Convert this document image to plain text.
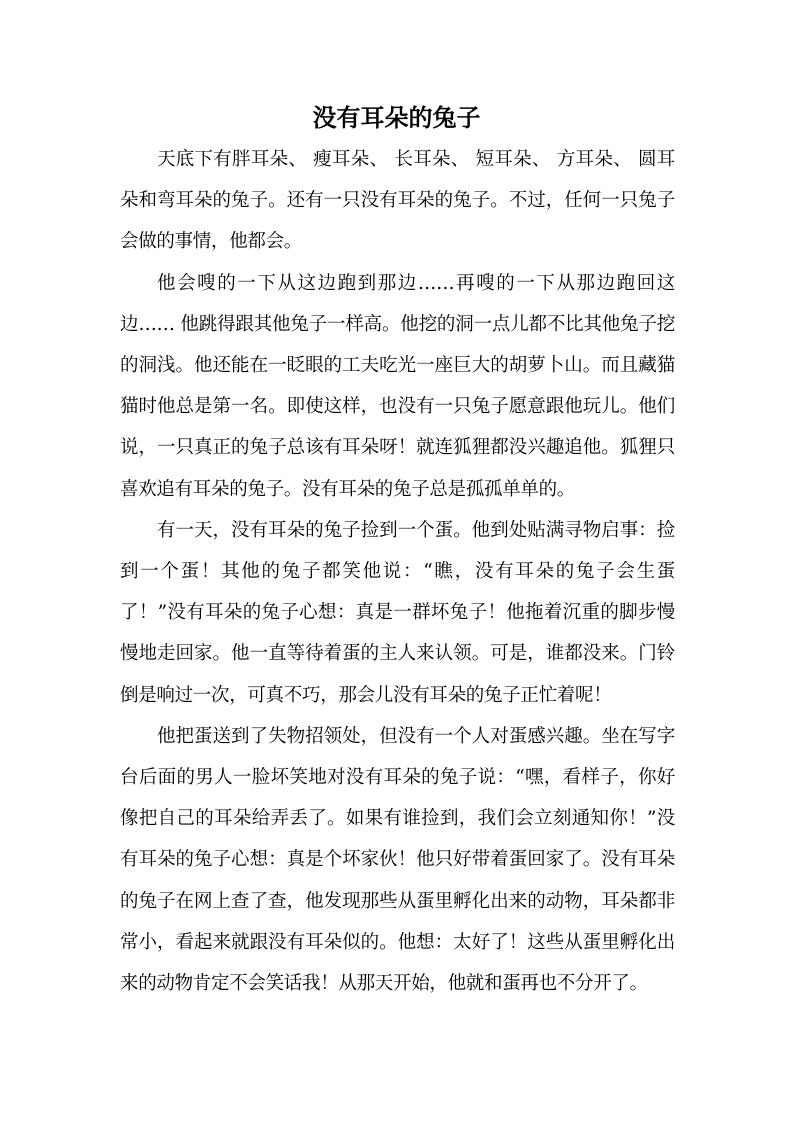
没有耳朵的兔子

天底下有胖耳朵、 瘦耳朵、 长耳朵、 短耳朵、 方耳朵、 圆耳朵和弯耳朵的兔子。还有一只没有耳朵的兔子。不过，任何一只兔子会做的事情，他都会。

他会嗖的一下从这边跑到那边……再嗖的一下从那边跑回这边…… 他跳得跟其他兔子一样高。他挖的洞一点儿都不比其他兔子挖的洞浅。他还能在一眨眼的工夫吃光一座巨大的胡萝卜山。而且藏猫猫时他总是第一名。即使这样，也没有一只兔子愿意跟他玩儿。他们说，一只真正的兔子总该有耳朵呀！就连狐狸都没兴趣追他。狐狸只喜欢追有耳朵的兔子。没有耳朵的兔子总是孤孤单单的。

有一天，没有耳朵的兔子捡到一个蛋。他到处贴满寻物启事：捡到一个蛋！其他的兔子都笑他说：“瞧，没有耳朵的兔子会生蛋了！”没有耳朵的兔子心想：真是一群坏兔子！他拖着沉重的脚步慢慢地走回家。他一直等待着蛋的主人来认领。可是，谁都没来。门铃倒是响过一次，可真不巧，那会儿没有耳朵的兔子正忙着呢！

他把蛋送到了失物招领处，但没有一个人对蛋感兴趣。坐在写字台后面的男人一脸坏笑地对没有耳朵的兔子说：“嘿，看样子，你好像把自己的耳朵给弄丢了。如果有谁捡到，我们会立刻通知你！”没有耳朵的兔子心想：真是个坏家伙！他只好带着蛋回家了。没有耳朵的兔子在网上查了查，他发现那些从蛋里孵化出来的动物，耳朵都非常小，看起来就跟没有耳朵似的。他想：太好了！这些从蛋里孵化出来的动物肯定不会笑话我！从那天开始，他就和蛋再也不分开了。
